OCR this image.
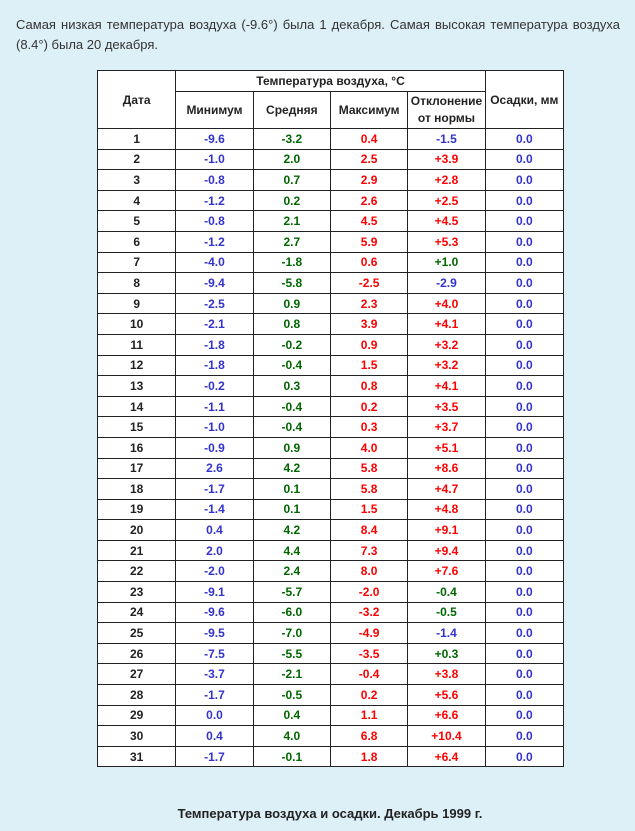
Самая низкая температура воздуха (-9.6°) была 1 декабря. Самая высокая температура воздуха (8.4°) была 20 декабря.

Дата	Температура воздуха, °C				Осадки, мм
	Минимум	Средняя	Максимум	Отклонение
от нормы	
1	-9.6	-3.2	0.4	-1.5	0.0
2	-1.0	2.0	2.5	+3.9	0.0
3	-0.8	0.7	2.9	+2.8	0.0
4	-1.2	0.2	2.6	+2.5	0.0
5	-0.8	2.1	4.5	+4.5	0.0
6	-1.2	2.7	5.9	+5.3	0.0
7	-4.0	-1.8	0.6	+1.0	0.0
8	-9.4	-5.8	-2.5	-2.9	0.0
9	-2.5	0.9	2.3	+4.0	0.0
10	-2.1	0.8	3.9	+4.1	0.0
11	-1.8	-0.2	0.9	+3.2	0.0
12	-1.8	-0.4	1.5	+3.2	0.0
13	-0.2	0.3	0.8	+4.1	0.0
14	-1.1	-0.4	0.2	+3.5	0.0
15	-1.0	-0.4	0.3	+3.7	0.0
16	-0.9	0.9	4.0	+5.1	0.0
17	2.6	4.2	5.8	+8.6	0.0
18	-1.7	0.1	5.8	+4.7	0.0
19	-1.4	0.1	1.5	+4.8	0.0
20	0.4	4.2	8.4	+9.1	0.0
21	2.0	4.4	7.3	+9.4	0.0
22	-2.0	2.4	8.0	+7.6	0.0
23	-9.1	-5.7	-2.0	-0.4	0.0
24	-9.6	-6.0	-3.2	-0.5	0.0
25	-9.5	-7.0	-4.9	-1.4	0.0
26	-7.5	-5.5	-3.5	+0.3	0.0
27	-3.7	-2.1	-0.4	+3.8	0.0
28	-1.7	-0.5	0.2	+5.6	0.0
29	0.0	0.4	1.1	+6.6	0.0
30	0.4	4.0	6.8	+10.4	0.0
31	-1.7	-0.1	1.8	+6.4	0.0
Температура воздуха и осадки. Декабрь 1999 г.
